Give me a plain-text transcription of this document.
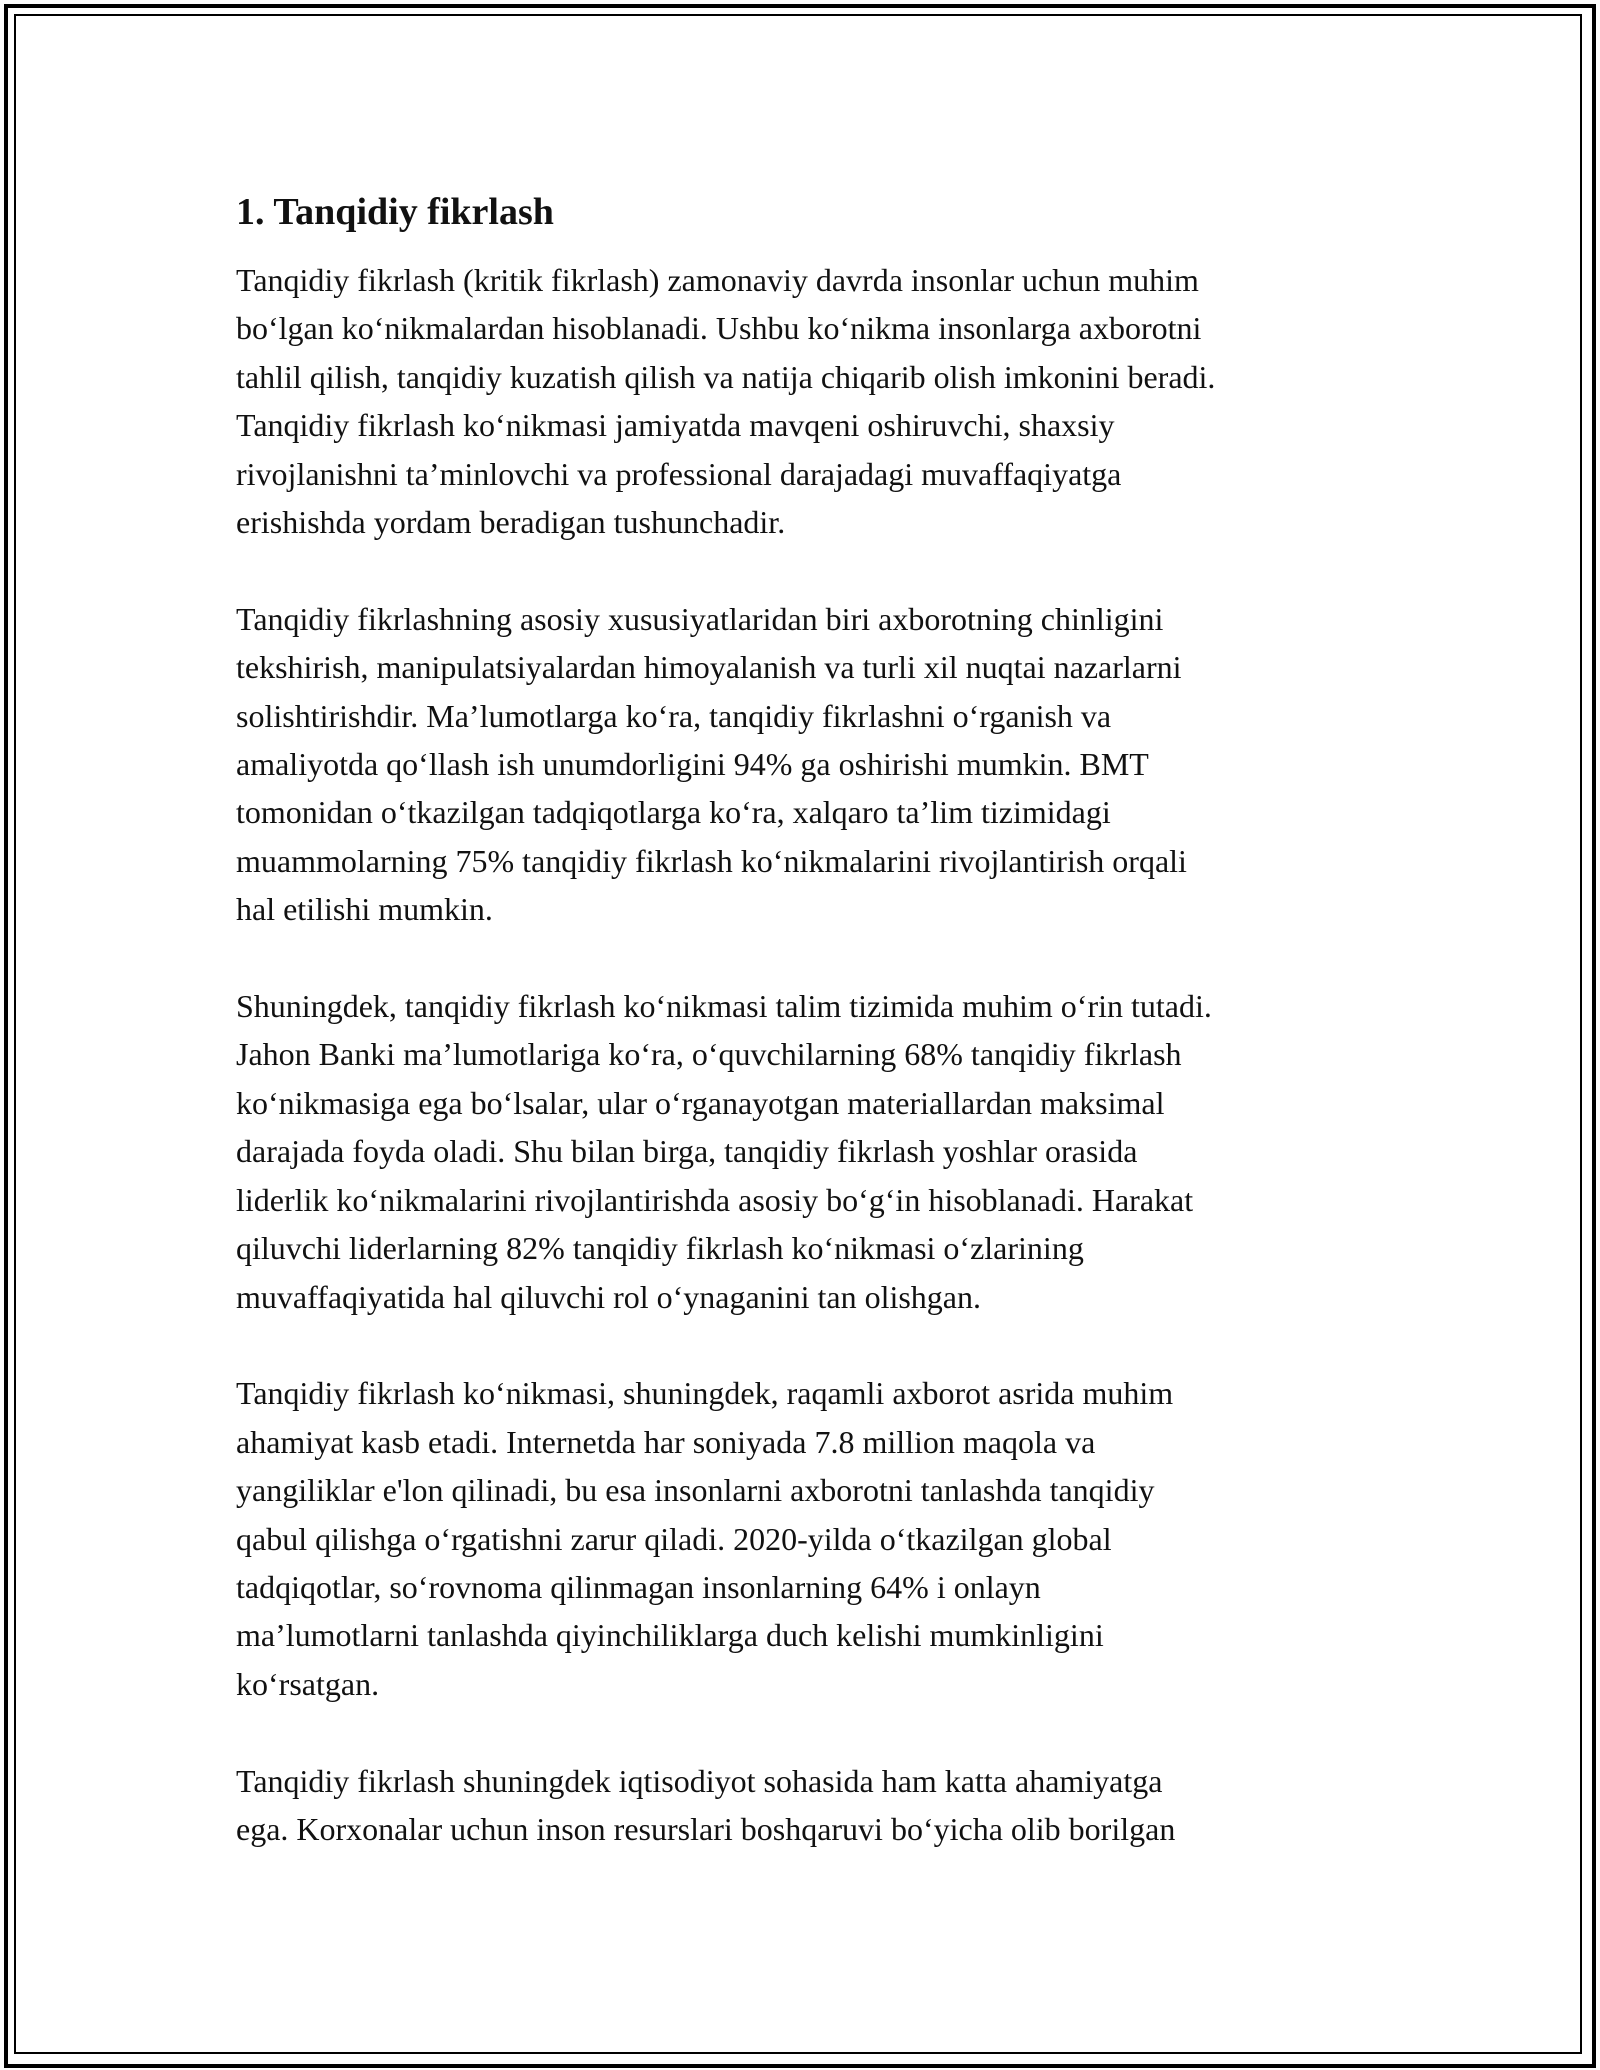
1. Tanqidiy fikrlash
Tanqidiy fikrlash (kritik fikrlash) zamonaviy davrda insonlar uchun muhim
boʻlgan koʻnikmalardan hisoblanadi. Ushbu koʻnikma insonlarga axborotni
tahlil qilish, tanqidiy kuzatish qilish va natija chiqarib olish imkonini beradi.
Tanqidiy fikrlash koʻnikmasi jamiyatda mavqeni oshiruvchi, shaxsiy
rivojlanishni ta’minlovchi va professional darajadagi muvaffaqiyatga
erishishda yordam beradigan tushunchadir.
Tanqidiy fikrlashning asosiy xususiyatlaridan biri axborotning chinligini
tekshirish, manipulatsiyalardan himoyalanish va turli xil nuqtai nazarlarni
solishtirishdir. Ma’lumotlarga koʻra, tanqidiy fikrlashni oʻrganish va
amaliyotda qoʻllash ish unumdorligini 94% ga oshirishi mumkin. BMT
tomonidan oʻtkazilgan tadqiqotlarga koʻra, xalqaro ta’lim tizimidagi
muammolarning 75% tanqidiy fikrlash koʻnikmalarini rivojlantirish orqali
hal etilishi mumkin.
Shuningdek, tanqidiy fikrlash koʻnikmasi talim tizimida muhim oʻrin tutadi.
Jahon Banki ma’lumotlariga koʻra, oʻquvchilarning 68% tanqidiy fikrlash
koʻnikmasiga ega boʻlsalar, ular oʻrganayotgan materiallardan maksimal
darajada foyda oladi. Shu bilan birga, tanqidiy fikrlash yoshlar orasida
liderlik koʻnikmalarini rivojlantirishda asosiy boʻgʻin hisoblanadi. Harakat
qiluvchi liderlarning 82% tanqidiy fikrlash koʻnikmasi oʻzlarining
muvaffaqiyatida hal qiluvchi rol oʻynaganini tan olishgan.
Tanqidiy fikrlash koʻnikmasi, shuningdek, raqamli axborot asrida muhim
ahamiyat kasb etadi. Internetda har soniyada 7.8 million maqola va
yangiliklar e'lon qilinadi, bu esa insonlarni axborotni tanlashda tanqidiy
qabul qilishga oʻrgatishni zarur qiladi. 2020-yilda oʻtkazilgan global
tadqiqotlar, soʻrovnoma qilinmagan insonlarning 64% i onlayn
ma’lumotlarni tanlashda qiyinchiliklarga duch kelishi mumkinligini
koʻrsatgan.
Tanqidiy fikrlash shuningdek iqtisodiyot sohasida ham katta ahamiyatga
ega. Korxonalar uchun inson resurslari boshqaruvi boʻyicha olib borilgan
